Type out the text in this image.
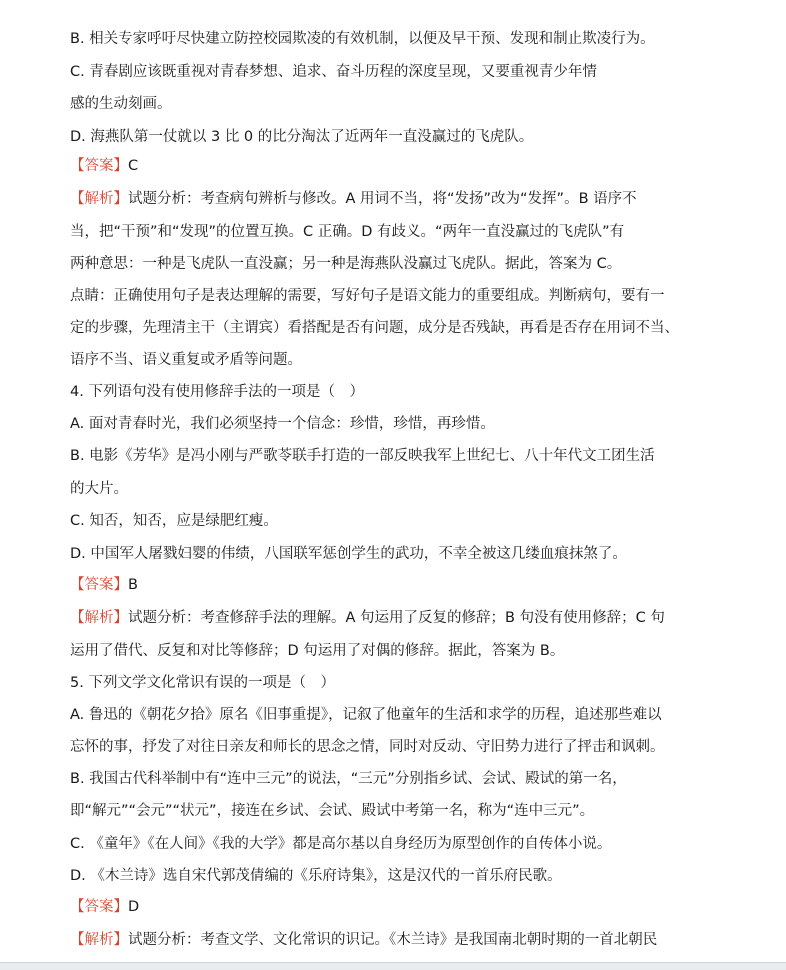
B. 相关专家呼吁尽快建立防控校园欺凌的有效机制，以便及早干预、发现和制止欺凌行为。
C. 青春剧应该既重视对青春梦想、追求、奋斗历程的深度呈现，又要重视青少年情
感的生动刻画。
D. 海燕队第一仗就以 3 比 0 的比分淘汰了近两年一直没赢过的飞虎队。
【答案】C
【解析】试题分析：考查病句辨析与修改。A 用词不当，将“发扬”改为“发挥”。B 语序不
当，把“干预”和“发现”的位置互换。C 正确。D 有歧义。“两年一直没赢过的飞虎队”有
两种意思：一种是飞虎队一直没赢；另一种是海燕队没赢过飞虎队。据此，答案为 C。
点睛：正确使用句子是表达理解的需要，写好句子是语文能力的重要组成。判断病句，要有一
定的步骤，先理清主干（主谓宾）看搭配是否有问题，成分是否残缺，再看是否存在用词不当、
语序不当、语义重复或矛盾等问题。
4. 下列语句没有使用修辞手法的一项是（　）
A. 面对青春时光，我们必须坚持一个信念：珍惜，珍惜，再珍惜。
B. 电影《芳华》是冯小刚与严歌苓联手打造的一部反映我军上世纪七、八十年代文工团生活
的大片。
C. 知否，知否，应是绿肥红瘦。
D. 中国军人屠戮妇婴的伟绩，八国联军惩创学生的武功，不幸全被这几缕血痕抹煞了。
【答案】B
【解析】试题分析：考查修辞手法的理解。A 句运用了反复的修辞；B 句没有使用修辞；C 句
运用了借代、反复和对比等修辞；D 句运用了对偶的修辞。据此，答案为 B。
5. 下列文学文化常识有误的一项是（　）
A. 鲁迅的《朝花夕拾》原名《旧事重提》，记叙了他童年的生活和求学的历程，追述那些难以
忘怀的事，抒发了对往日亲友和师长的思念之情，同时对反动、守旧势力进行了抨击和讽刺。
B. 我国古代科举制中有“连中三元”的说法，“三元”分别指乡试、会试、殿试的第一名，
即“解元”“会元”“状元”，接连在乡试、会试、殿试中考第一名，称为“连中三元”。
C. 《童年》《在人间》《我的大学》都是高尔基以自身经历为原型创作的自传体小说。
D. 《木兰诗》选自宋代郭茂倩编的《乐府诗集》，这是汉代的一首乐府民歌。
【答案】D
【解析】试题分析：考查文学、文化常识的识记。《木兰诗》是我国南北朝时期的一首北朝民
